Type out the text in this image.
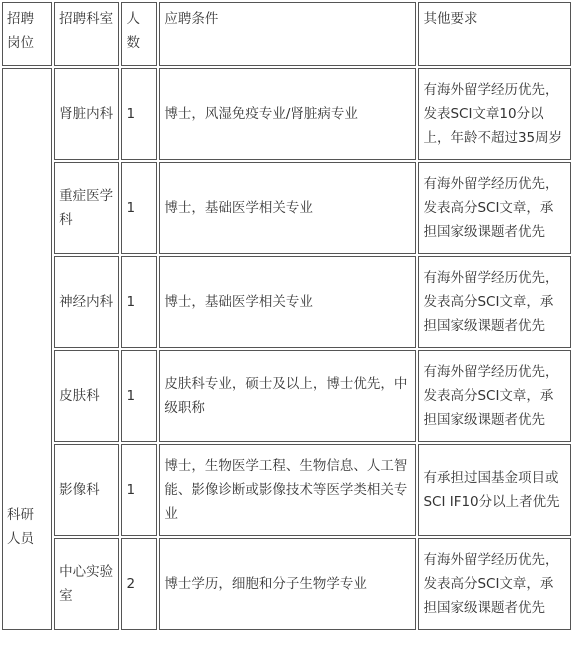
招聘岗位	招聘科室	人数	应聘条件	其他要求
科研人员	肾脏内科	1	博士，风湿免疫专业/肾脏病专业	有海外留学经历优先，发表SCI文章10分以上，年龄不超过35周岁
	重症医学科	1	博士，基础医学相关专业	有海外留学经历优先，发表高分SCI文章，承担国家级课题者优先
	神经内科	1	博士，基础医学相关专业	有海外留学经历优先，发表高分SCI文章，承担国家级课题者优先
	皮肤科	1	皮肤科专业，硕士及以上，博士优先，中级职称	有海外留学经历优先，发表高分SCI文章，承担国家级课题者优先
	影像科	1	博士，生物医学工程、生物信息、人工智能、影像诊断或影像技术等医学类相关专业	有承担过国基金项目或SCI IF10分以上者优先
	中心实验室	2	博士学历，细胞和分子生物学专业	有海外留学经历优先，发表高分SCI文章，承担国家级课题者优先
